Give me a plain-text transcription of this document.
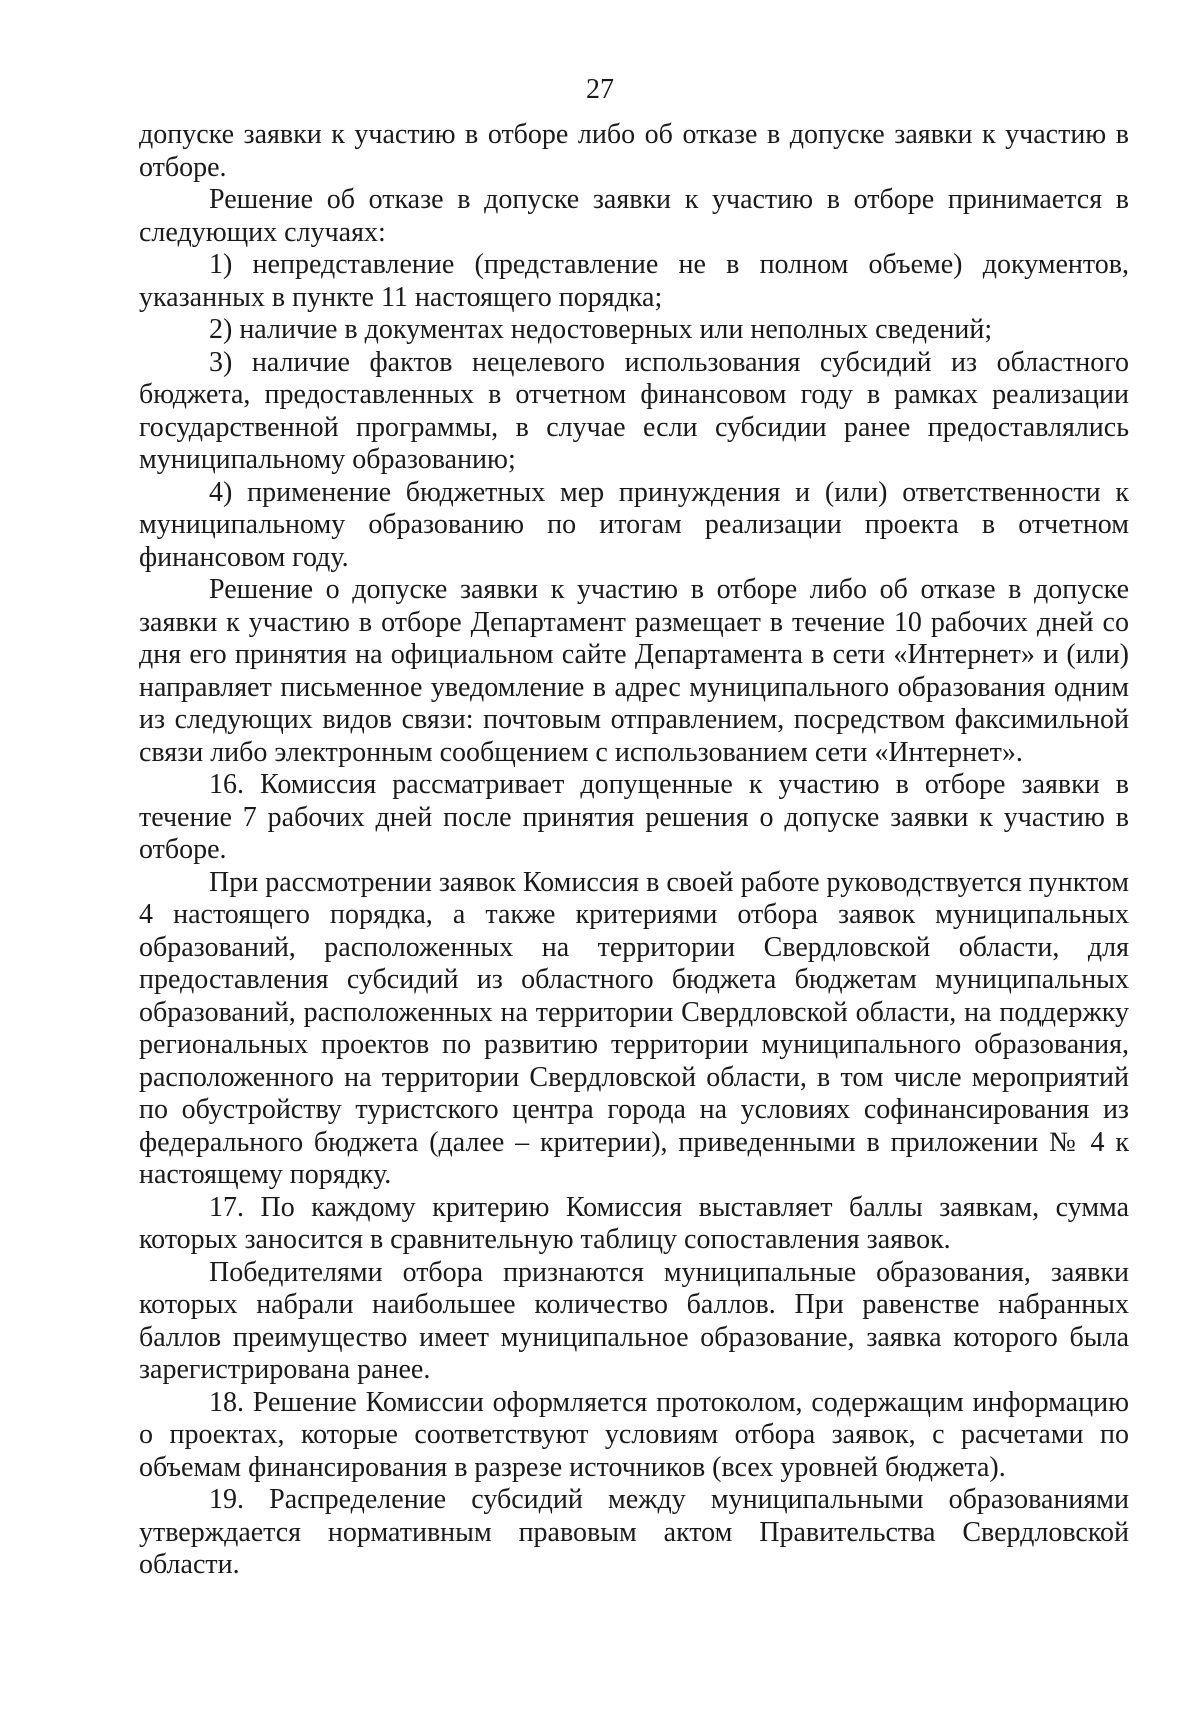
27

допуске заявки к участию в отборе либо об отказе в допуске заявки к участию в отборе.

Решение об отказе в допуске заявки к участию в отборе принимается в следующих случаях:

1) непредставление (представление не в полном объеме) документов, указанных в пункте 11 настоящего порядка;

2) наличие в документах недостоверных или неполных сведений;

3) наличие фактов нецелевого использования субсидий из областного бюджета, предоставленных в отчетном финансовом году в рамках реализации государственной программы, в случае если субсидии ранее предоставлялись муниципальному образованию;

4) применение бюджетных мер принуждения и (или) ответственности к муниципальному образованию по итогам реализации проекта в отчетном финансовом году.

Решение о допуске заявки к участию в отборе либо об отказе в допуске заявки к участию в отборе Департамент размещает в течение 10 рабочих дней со дня его принятия на официальном сайте Департамента в сети «Интернет» и (или) направляет письменное уведомление в адрес муниципального образования одним из следующих видов связи: почтовым отправлением, посредством факсимильной связи либо электронным сообщением с использованием сети «Интернет».

16. Комиссия рассматривает допущенные к участию в отборе заявки в течение 7 рабочих дней после принятия решения о допуске заявки к участию в отборе.

При рассмотрении заявок Комиссия в своей работе руководствуется пунктом 4 настоящего порядка, а также критериями отбора заявок муниципальных образований, расположенных на территории Свердловской области, для предоставления субсидий из областного бюджета бюджетам муниципальных образований, расположенных на территории Свердловской области, на поддержку региональных проектов по развитию территории муниципального образования, расположенного на территории Свердловской области, в том числе мероприятий по обустройству туристского центра города на условиях софинансирования из федерального бюджета (далее – критерии), приведенными в приложении № 4 к настоящему порядку.

17. По каждому критерию Комиссия выставляет баллы заявкам, сумма которых заносится в сравнительную таблицу сопоставления заявок.

Победителями отбора признаются муниципальные образования, заявки которых набрали наибольшее количество баллов. При равенстве набранных баллов преимущество имеет муниципальное образование, заявка которого была зарегистрирована ранее.

18. Решение Комиссии оформляется протоколом, содержащим информацию о проектах, которые соответствуют условиям отбора заявок, с расчетами по объемам финансирования в разрезе источников (всех уровней бюджета).

19. Распределение субсидий между муниципальными образованиями утверждается нормативным правовым актом Правительства Свердловской области.
